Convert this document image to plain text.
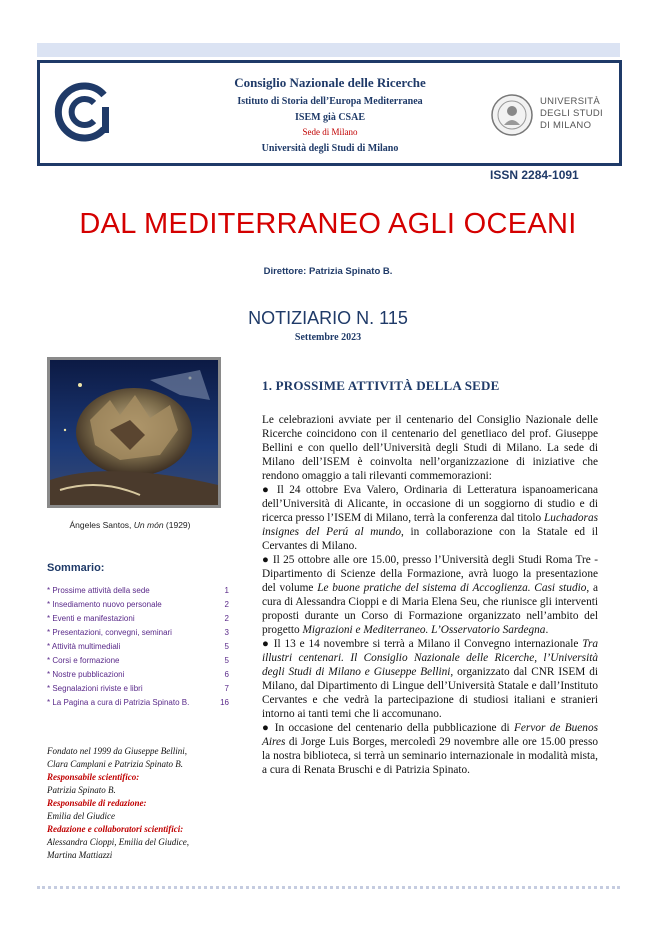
Consiglio Nazionale delle Ricerche
Istituto di Storia dell’Europa Mediterranea
ISEM già CSAE
Sede di Milano
Università degli Studi di Milano
UNIVERSITÀ
DEGLI STUDI
DI MILANO
ISSN 2284-1091
DAL MEDITERRANEO AGLI OCEANI
Direttore: Patrizia Spinato B.
NOTIZIARIO N. 115
Settembre 2023
Ángeles Santos, Un món (1929)
Sommario:
* Prossime attività della sede	1
* Insediamento nuovo personale	2
* Eventi e manifestazioni	2
* Presentazioni, convegni, seminari	3
* Attività multimediali	5
* Corsi e formazione	5
* Nostre pubblicazioni	6
* Segnalazioni riviste e libri	7
* La Pagina a cura di Patrizia Spinato B.	16
Fondato nel 1999 da Giuseppe Bellini,
Clara Camplani e Patrizia Spinato B.
Responsabile scientifico:
Patrizia Spinato B.
Responsabile di redazione:
Emilia del Giudice
Redazione e collaboratori scientifici:
Alessandra Cioppi, Emilia del Giudice,
Martina Mattiazzi
1. PROSSIME ATTIVITÀ DELLA SEDE

Le celebrazioni avviate per il centenario del Consiglio Nazionale delle Ricerche coincidono con il centenario del genetliaco del prof. Giuseppe Bellini e con quello dell’Università degli Studi di Milano. La sede di Milano dell’ISEM è coinvolta nell’organizzazione di iniziative che rendono omaggio a tali rilevanti commemorazioni:

● Il 24 ottobre Eva Valero, Ordinaria di Letteratura ispanoamericana dell’Università di Alicante, in occasione di un soggiorno di studio e di ricerca presso l’ISEM di Milano, terrà la conferenza dal titolo Luchadoras insignes del Perú al mundo, in collaborazione con la Statale ed il Cervantes di Milano.

● Il 25 ottobre alle ore 15.00, presso l’Università degli Studi Roma Tre - Dipartimento di Scienze della Formazione, avrà luogo la presentazione del volume Le buone pratiche del sistema di Accoglienza. Casi studio, a cura di Alessandra Cioppi e di Maria Elena Seu, che riunisce gli interventi proposti durante un Corso di Formazione organizzato nell’ambito del progetto Migrazioni e Mediterraneo. L’Osservatorio Sardegna.

● Il 13 e 14 novembre si terrà a Milano il Convegno internazionale Tra illustri centenari. Il Consiglio Nazionale delle Ricerche, l’Università degli Studi di Milano e Giuseppe Bellini, organizzato dal CNR ISEM di Milano, dal Dipartimento di Lingue dell’Università Statale e dall’Instituto Cervantes e che vedrà la partecipazione di studiosi italiani e stranieri intorno ai tanti temi che li accomunano.

● In occasione del centenario della pubblicazione di Fervor de Buenos Aires di Jorge Luis Borges, mercoledì 29 novembre alle ore 15.00 presso la nostra biblioteca, si terrà un seminario internazionale in modalità mista, a cura di Renata Bruschi e di Patrizia Spinato.
